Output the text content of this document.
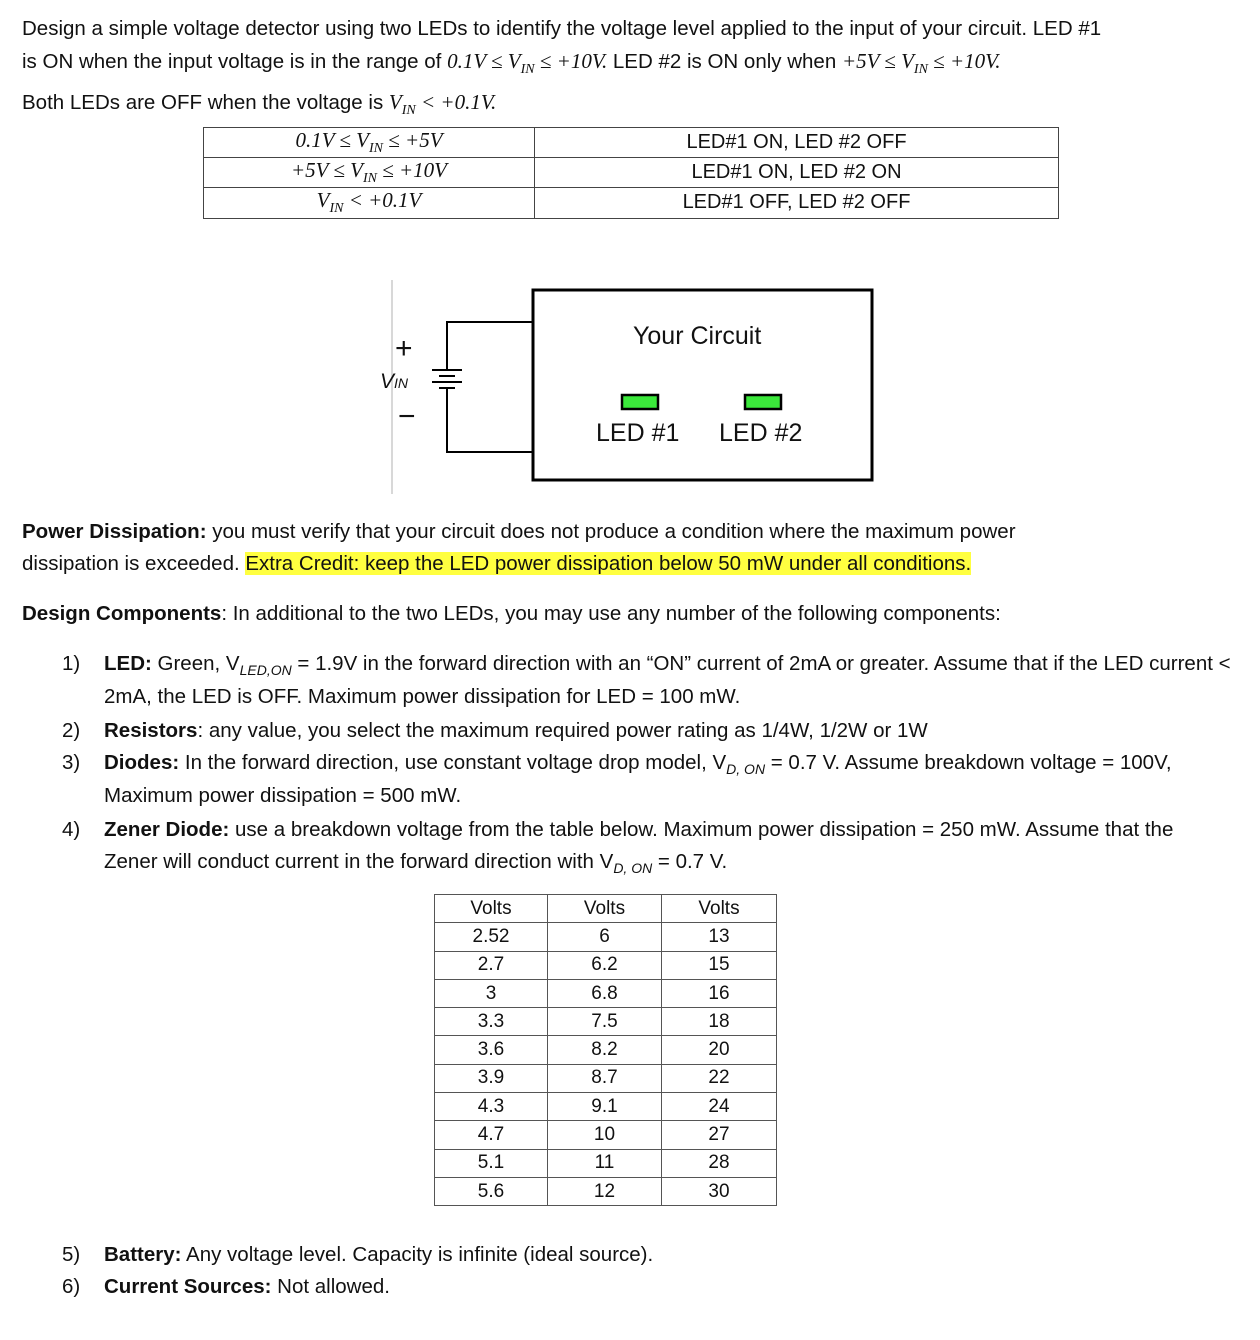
Design a simple voltage detector using two LEDs to identify the voltage level applied to the input of your circuit. LED #1
is ON when the input voltage is in the range of $0.1V \le V_{IN} \le +10V$. LED #2 is ON only when $+5V \le V_{IN} \le +10V$.
Both LEDs are OFF when the voltage is $V_{IN} < +0.1V$.
$0.1V \le V_{IN} \le +5V$	LED#1 ON, LED #2 OFF
$+5V \le V_{IN} \le +10V$	LED#1 ON, LED #2 ON
$V_{IN} < +0.1V$	LED#1 OFF, LED #2 OFF
+
VIN
−
Your Circuit
LED #1 LED #2
Power Dissipation: you must verify that your circuit does not produce a condition where the maximum power
dissipation is exceeded. Extra Credit: keep the LED power dissipation below 50 mW under all conditions.
Design Components: In additional to the two LEDs, you may use any number of the following components:
1) LED: Green, $V_{LED,ON} = 1.9V$ in the forward direction with an “ON” current of 2mA or greater. Assume that if the LED current < 2mA, the LED is OFF. Maximum power dissipation for LED = 100 mW.
2) Resistors: any value, you select the maximum required power rating as 1/4W, 1/2W or 1W
3) Diodes: In the forward direction, use constant voltage drop model, $V_{D, ON} = 0.7$ V. Assume breakdown voltage = 100V, Maximum power dissipation = 500 mW.
4) Zener Diode: use a breakdown voltage from the table below. Maximum power dissipation = 250 mW. Assume that the Zener will conduct current in the forward direction with $V_{D, ON} = 0.7$ V.
Volts	Volts	Volts
2.52	6	13
2.7	6.2	15
3	6.8	16
3.3	7.5	18
3.6	8.2	20
3.9	8.7	22
4.3	9.1	24
4.7	10	27
5.1	11	28
5.6	12	30
5) Battery: Any voltage level. Capacity is infinite (ideal source).
6) Current Sources: Not allowed.
